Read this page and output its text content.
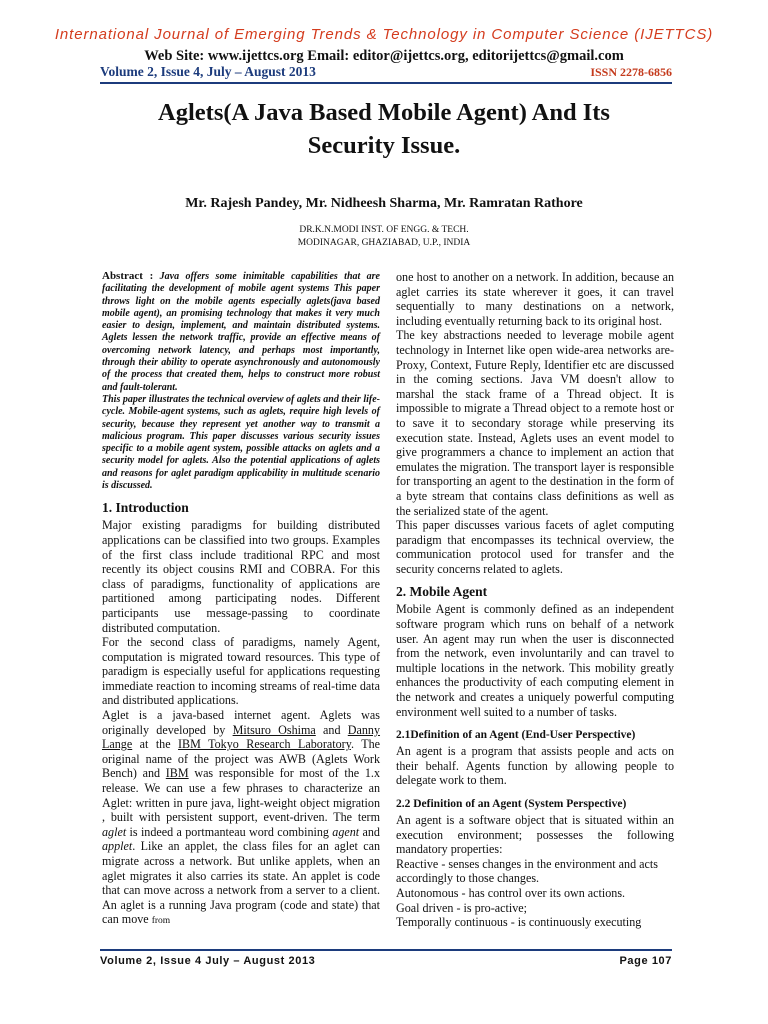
International Journal of Emerging Trends & Technology in Computer Science (IJETTCS)

Web Site: www.ijettcs.org Email: editor@ijettcs.org, editorijettcs@gmail.com
Volume 2, Issue 4, July – August 2013	ISSN 2278-6856
Aglets(A Java Based Mobile Agent) And Its
Security Issue.
Mr. Rajesh Pandey, Mr. Nidheesh Sharma, Mr. Ramratan Rathore
DR.K.N.MODI INST. OF ENGG. & TECH.
MODINAGAR, GHAZIABAD, U.P., INDIA

Abstract : Java offers some inimitable capabilities that are facilitating the development of mobile agent systems This paper throws light on the mobile agents especially aglets(java based mobile agent), an promising technology that makes it very much easier to design, implement, and maintain distributed systems. Aglets lessen the network traffic, provide an effective means of overcoming network latency, and perhaps most importantly, through their ability to operate asynchronously and autonomously of the process that created them, helps to construct more robust and fault-tolerant.

This paper illustrates the technical overview of aglets and their life-cycle. Mobile-agent systems, such as aglets, require high levels of security, because they represent yet another way to transmit a malicious program. This paper discusses various security issues specific to a mobile agent system, possible attacks on aglets and a security model for aglets. Also the potential applications of aglets and reasons for aglet paradigm applicability in multitude scenario is discussed.

1. Introduction

Major existing paradigms for building distributed applications can be classified into two groups. Examples of the first class include traditional RPC and most recently its object cousins RMI and COBRA. For this class of paradigms, functionality of applications are partitioned among participating nodes. Different participants use message-passing to coordinate distributed computation.

For the second class of paradigms, namely Agent, computation is migrated toward resources. This type of paradigm is especially useful for applications requesting immediate reaction to incoming streams of real-time data and distributed applications.

Aglet is a java-based internet agent. Aglets was originally developed by Mitsuro Oshima and Danny Lange at the IBM Tokyo Research Laboratory. The original name of the project was AWB (Aglets Work Bench) and IBM was responsible for most of the 1.x release. We can use a few phrases to characterize an Aglet: written in pure java, light-weight object migration , built with persistent support, event-driven. The term aglet is indeed a portmanteau word combining agent and applet. Like an applet, the class files for an aglet can migrate across a network. But unlike applets, when an aglet migrates it also carries its state. An applet is code that can move across a network from a server to a client. An aglet is a running Java program (code and state) that can move from

one host to another on a network. In addition, because an aglet carries its state wherever it goes, it can travel sequentially to many destinations on a network, including eventually returning back to its original host.

The key abstractions needed to leverage mobile agent technology in Internet like open wide-area networks are- Proxy, Context, Future Reply, Identifier etc are discussed in the coming sections. Java VM doesn't allow to marshal the stack frame of a Thread object. It is impossible to migrate a Thread object to a remote host or to save it to secondary storage while preserving its execution state. Instead, Aglets uses an event model to give programmers a chance to implement an action that emulates the migration. The transport layer is responsible for transporting an agent to the destination in the form of a byte stream that contains class definitions as well as the serialized state of the agent.

This paper discusses various facets of aglet computing paradigm that encompasses its technical overview, the communication protocol used for transfer and the security concerns related to aglets.

2. Mobile Agent

Mobile Agent is commonly defined as an independent software program which runs on behalf of a network user. An agent may run when the user is disconnected from the network, even involuntarily and can travel to multiple locations in the network. This mobility greatly enhances the productivity of each computing element in the network and creates a uniquely powerful computing environment well suited to a number of tasks.

2.1Definition of an Agent (End-User Perspective)

An agent is a program that assists people and acts on their behalf. Agents function by allowing people to delegate work to them.

2.2 Definition of an Agent (System Perspective)

An agent is a software object that is situated within an execution environment; possesses the following mandatory properties:

Reactive - senses changes in the environment and acts accordingly to those changes.

Autonomous - has control over its own actions.

Goal driven - is pro-active;

Temporally continuous - is continuously executing

Volume 2, Issue 4 July – August 2013	Page 107
